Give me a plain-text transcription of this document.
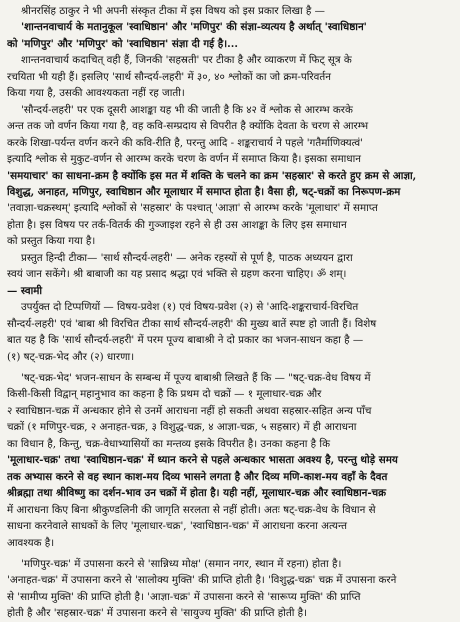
श्रीनरसिंह ठाकुर ने भी अपनी संस्कृत टीका में इस विषय को इस प्रकार लिखा है —

'शान्तनवाचार्य के मतानुकूल 'स्वाधिष्ठान' और 'मणिपुर' की संज्ञा-व्यत्यय है अर्थात् 'स्वाधिष्ठान'

को 'मणिपुर' और 'मणिपुर' को 'स्वाधिष्ठान' संज्ञा दी गई है।...

शान्तनवाचार्य कदाचित् वही हैं, जिनकी 'सहस्रती' पर टीका है और व्याकरण में फिट् सूत्र के

रचयिता भी यही हैं। इसलिए 'सार्थ सौन्दर्य-लहरी' में ३०, ४० श्लोकों का जो क्रम-परिवर्तन

किया गया है, उसकी आवश्यकता नहीं रह जाती।

'सौन्दर्य-लहरी' पर एक दूसरी आशङ्का यह भी की जाती है कि ४२ वें श्लोक से आरम्भ करके

अन्त तक जो वर्णन किया गया है, वह कवि-सम्प्रदाय से विपरीत है क्योंकि देवता के चरण से आरम्भ

करके शिखा-पर्यन्त वर्णन करने की कवि-रीति है, परन्तु आदि - शङ्कराचार्य ने पहले 'गतैर्माणिक्यत्वं'

इत्यादि श्लोक से मुकुट-वर्णन से आरम्भ करके चरण के वर्णन में समाप्त किया है। इसका समाधान

'समयाचार' का साधना-क्रम है क्योंकि इस मत में शक्ति के चलने का क्रम 'सहस्रार' से करते हुए क्रम से आज्ञा,

विशुद्ध, अनाहत, मणिपुर, स्वाधिष्ठान और मूलाधार में समाप्त होता है। वैसा ही, षट्-चक्रों का निरूपण-क्रम

'तवाज्ञा-चक्रस्थम्' इत्यादि श्लोकों से 'सहस्रार' के पश्चात् 'आज्ञा' से आरम्भ करके 'मूलाधार' में समाप्त

होता है। इस विषय पर तर्क-वितर्क की गुञ्जाइश रहने से ही उस आशङ्का के लिए इस समाधान

को प्रस्तुत किया गया है।

प्रस्तुत हिन्दी टीका— 'सार्थ सौन्दर्य-लहरी' — अनेक रहस्यों से पूर्ण है, पाठक अध्ययन द्वारा

स्वयं जान सकेंगे। श्री बाबाजी का यह प्रसाद श्रद्धा एवं भक्ति से ग्रहण करना चाहिए। ॐ शम्।

— स्वामी

उपर्युक्त दो टिप्पणियों — विषय-प्रवेश (१) एवं विषय-प्रवेश (२) से 'आदि-शङ्कराचार्य-विरचित

सौन्दर्य-लहरी' एवं 'बाबा श्री विरचित टीका सार्थ सौन्दर्य-लहरी' की मुख्य बातें स्पष्ट हो जाती हैं। विशेष

बात यह है कि 'सार्थ सौन्दर्य-लहरी' में परम पूज्य बाबाश्री ने दो प्रकार का भजन-साधन कहा है —

(१) षट्-चक्र-भेद और (२) धारणा।

'षट्-चक्र-भेद' भजन-साधन के सम्बन्ध में पूज्य बाबाश्री लिखते हैं कि — "षट्-चक्र-वेध विषय में

किसी-किसी विद्वान् महानुभाव का कहना है कि प्रथम दो चक्रों — १ मूलाधार-चक्र और

२ स्वाधिष्ठान-चक्र में अन्धकार होने से उनमें आराधना नहीं हो सकती अथवा सहस्रार-सहित अन्य पाँच

चक्रों (१ मणिपुर-चक्र, २ अनाहत-चक्र, ३ विशुद्ध-चक्र, ४ आज्ञा-चक्र, ५ सहस्रार) में ही आराधना

का विधान है, किन्तु, चक्र-वेधाभ्यासियों का मन्तव्य इसके विपरीत है। उनका कहना है कि

'मूलाधार-चक्र' तथा 'स्वाधिष्ठान-चक्र' में ध्यान करने से पहले अन्धकार भासता अवश्य है, परन्तु थोड़े समय

तक अभ्यास करने से वह स्थान काश-मय दिव्य भासने लगता है और दिव्य मणि-काश-मय वहाँ के दैवत

श्रीब्रह्मा तथा श्रीविष्णु का दर्शन-भाव उन चक्रों में होता है। यही नहीं, मूलाधार-चक्र और स्वाधिष्ठान-चक्र

में आराधना किए बिना श्रीकुण्डलिनी की जागृति सरलता से नहीं होती। अतः षट्-चक्र-वेध के विधान से

साधना करनेवाले साधकों के लिए 'मूलाधार-चक्र', 'स्वाधिष्ठान-चक्र' में आराधना करना अत्यन्त

आवश्यक है।

'मणिपुर-चक्र' में उपासना करने से 'सान्निध्य मोक्ष' (समान नगर, स्थान में रहना) होता है।

'अनाहत-चक्र' में उपासना करने से 'सालोक्य मुक्ति' की प्राप्ति होती है। 'विशुद्ध-चक्र' चक्र में उपासना करने

से 'सामीप्य मुक्ति' की प्राप्ति होती है। 'आज्ञा-चक्र' में उपासना करने से 'सारूप्य मुक्ति' की प्राप्ति

होती है और 'सहस्रार-चक्र' में उपासना करने से 'सायुज्य मुक्ति' की प्राप्ति होती है।
